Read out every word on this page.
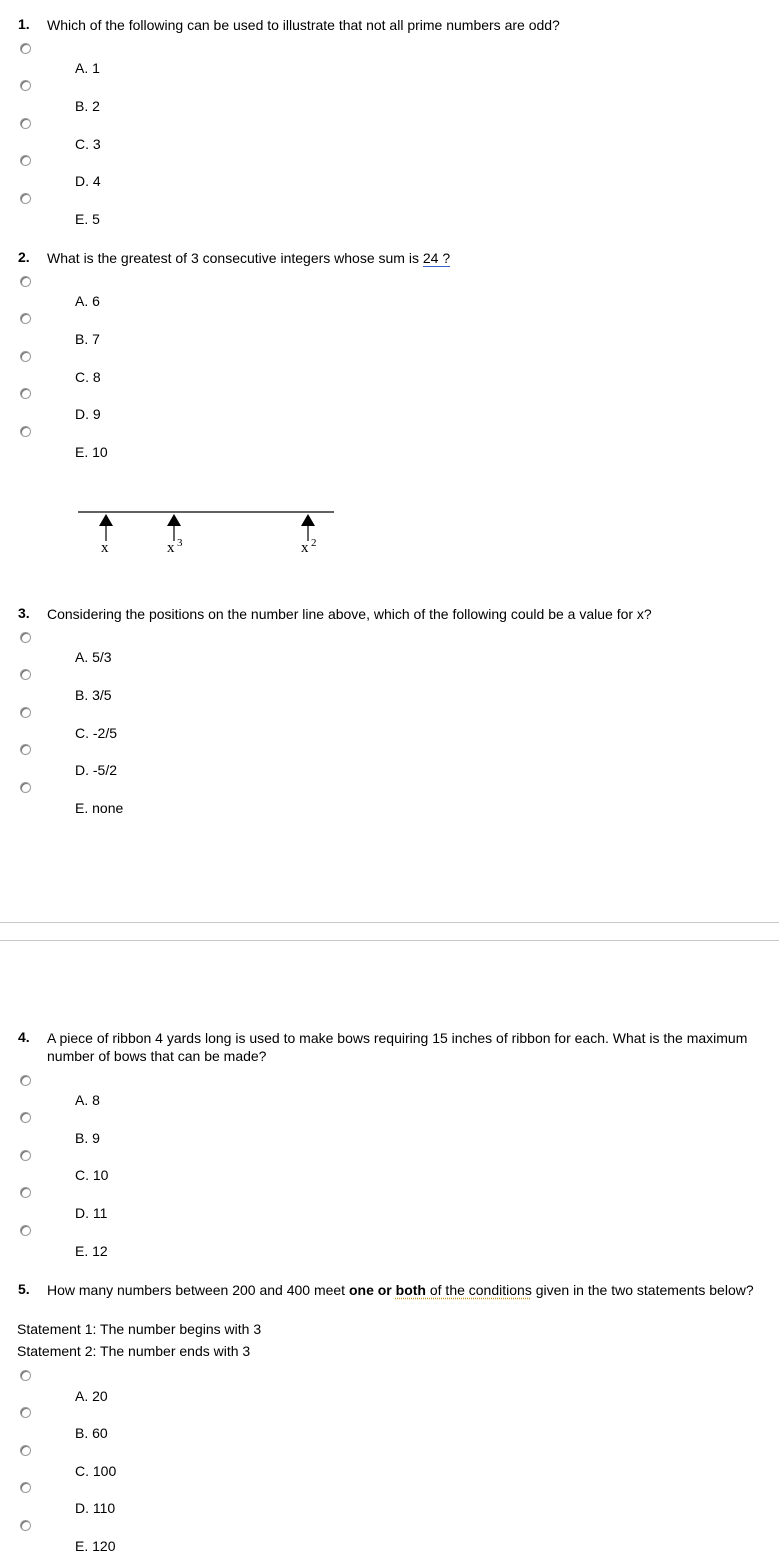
1. Which of the following can be used to illustrate that not all prime numbers are odd?
A. 1
B. 2
C. 3
D. 4
E. 5
2. What is the greatest of 3 consecutive integers whose sum is 24 ?
A. 6
B. 7
C. 8
D. 9
E. 10
x	x 3	x 2
3. Considering the positions on the number line above, which of the following could be a value for x?
A. 5/3
B. 3/5
C. -2/5
D. -5/2
E. none
4. A piece of ribbon 4 yards long is used to make bows requiring 15 inches of ribbon for each. What is the maximum number of bows that can be made?
A. 8
B. 9
C. 10
D. 11
E. 12
5. How many numbers between 200 and 400 meet one or both of the conditions given in the two statements below?
Statement 1: The number begins with 3
Statement 2: The number ends with 3
A. 20
B. 60
C. 100
D. 110
E. 120
